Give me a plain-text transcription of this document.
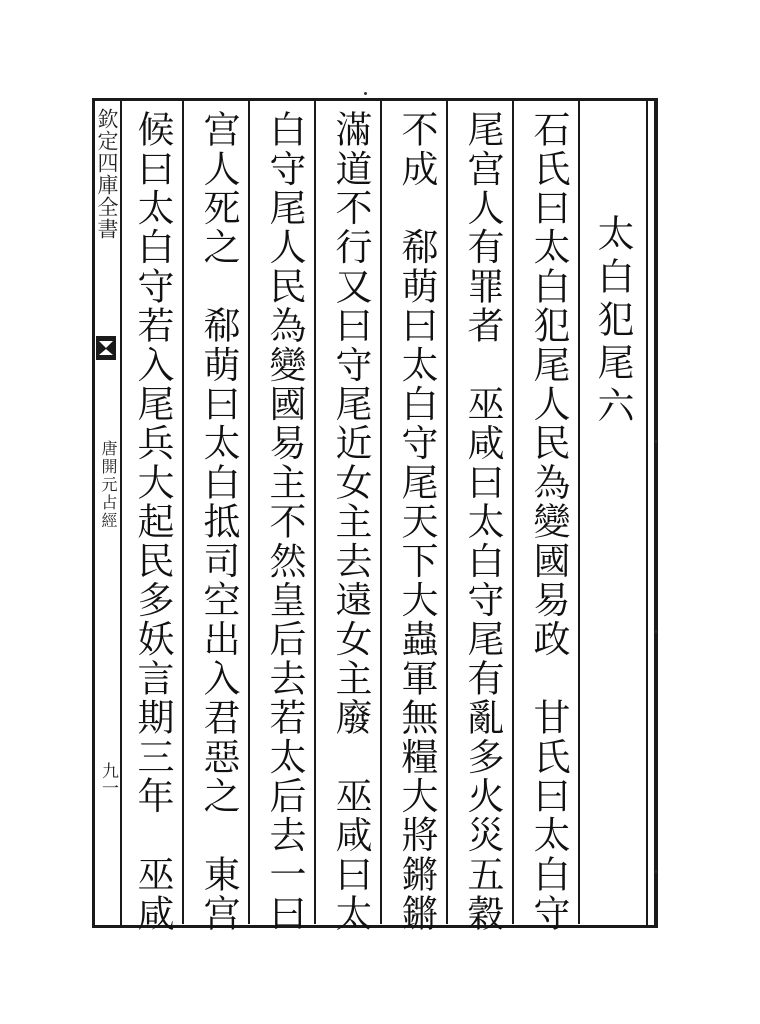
欽定四庫全書
唐開元占經
九一
太白犯尾六
石氏曰太白犯尾人民為變國易政　甘氏曰太白守
尾宫人有罪者　巫咸曰太白守尾有亂多火災五穀
不成　郗萌曰太白守尾天下大蟲軍無糧大將鏘鏘
滿道不行又曰守尾近女主去遠女主廢　巫咸曰太
白守尾人民為變國易主不然皇后去若太后去一曰
宫人死之　郗萌曰太白抵司空出入君惡之　東宫
候曰太白守若入尾兵大起民多妖言期三年　巫咸
